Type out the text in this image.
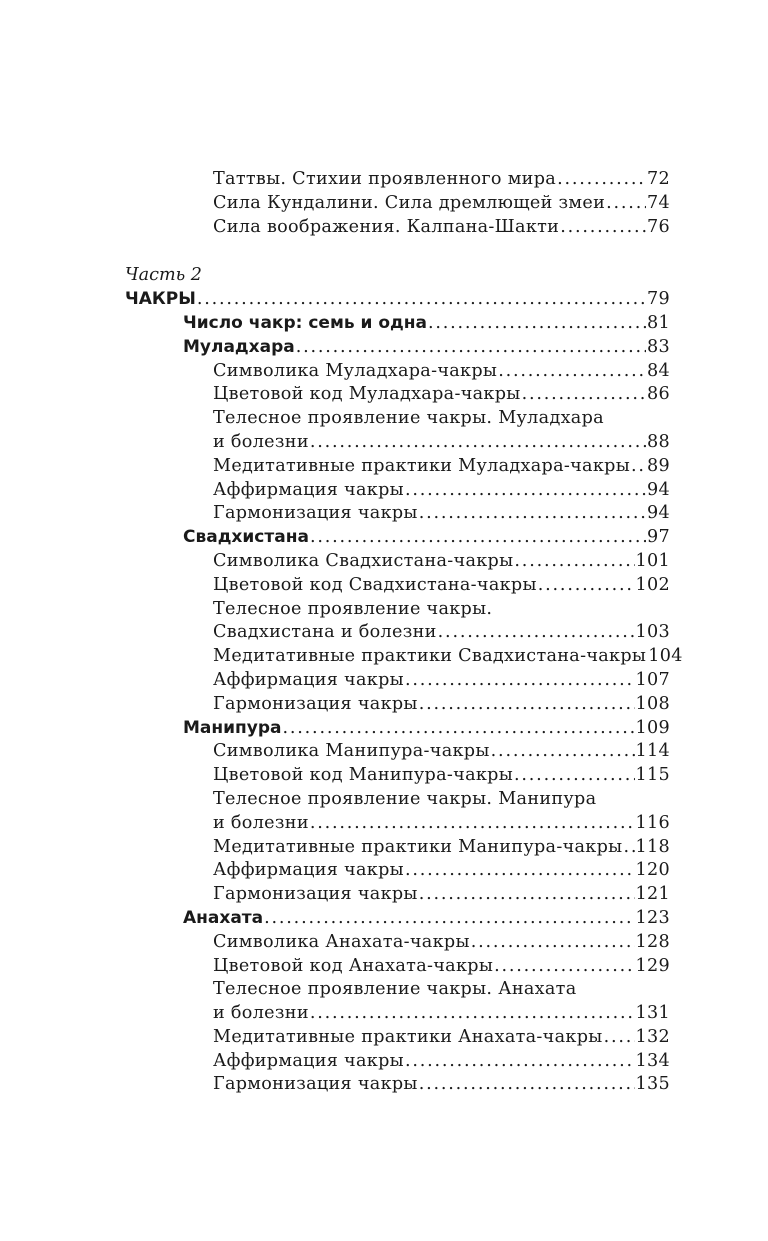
Таттвы. Стихии проявленного мира . . .	72
Сила Кундалини. Сила дремлющей змеи . . . 74
Сила воображения. Калпана-Шакти . . .	76
Часть 2
ЧАКРЫ . . .	79
Число чакр: семь и одна . . .	81
Муладхара . . .	83
Символика Муладхара-чакры . . .	84
Цветовой код Муладхара-чакры . . .	86
Телесное проявление чакры. Муладхара
и болезни . . .	88
Медитативные практики Муладхара-чакры . . . 89
Аффирмация чакры . . .	94
Гармонизация чакры . . .	94
Свадхистана . . .	97
Символика Свадхистана-чакры . . .	101
Цветовой код Свадхистана-чакры . . .	102
Телесное проявление чакры.
Свадхистана и болезни . . .	103
Медитативные практики Свадхистана-чакры 104
Аффирмация чакры . . .	107
Гармонизация чакры . . .	108
Манипура . . .	109
Символика Манипура-чакры . . .	114
Цветовой код Манипура-чакры . . .	115
Телесное проявление чакры. Манипура
и болезни . . .	116
Медитативные практики Манипура-чакры . . . 118
Аффирмация чакры . . .	120
Гармонизация чакры . . .	121
Анахата . . .	123
Символика Анахата-чакры . . .	128
Цветовой код Анахата-чакры . . .	129
Телесное проявление чакры. Анахата
и болезни . . .	131
Медитативные практики Анахата-чакры . . . 132
Аффирмация чакры . . .	134
Гармонизация чакры . . .	135
